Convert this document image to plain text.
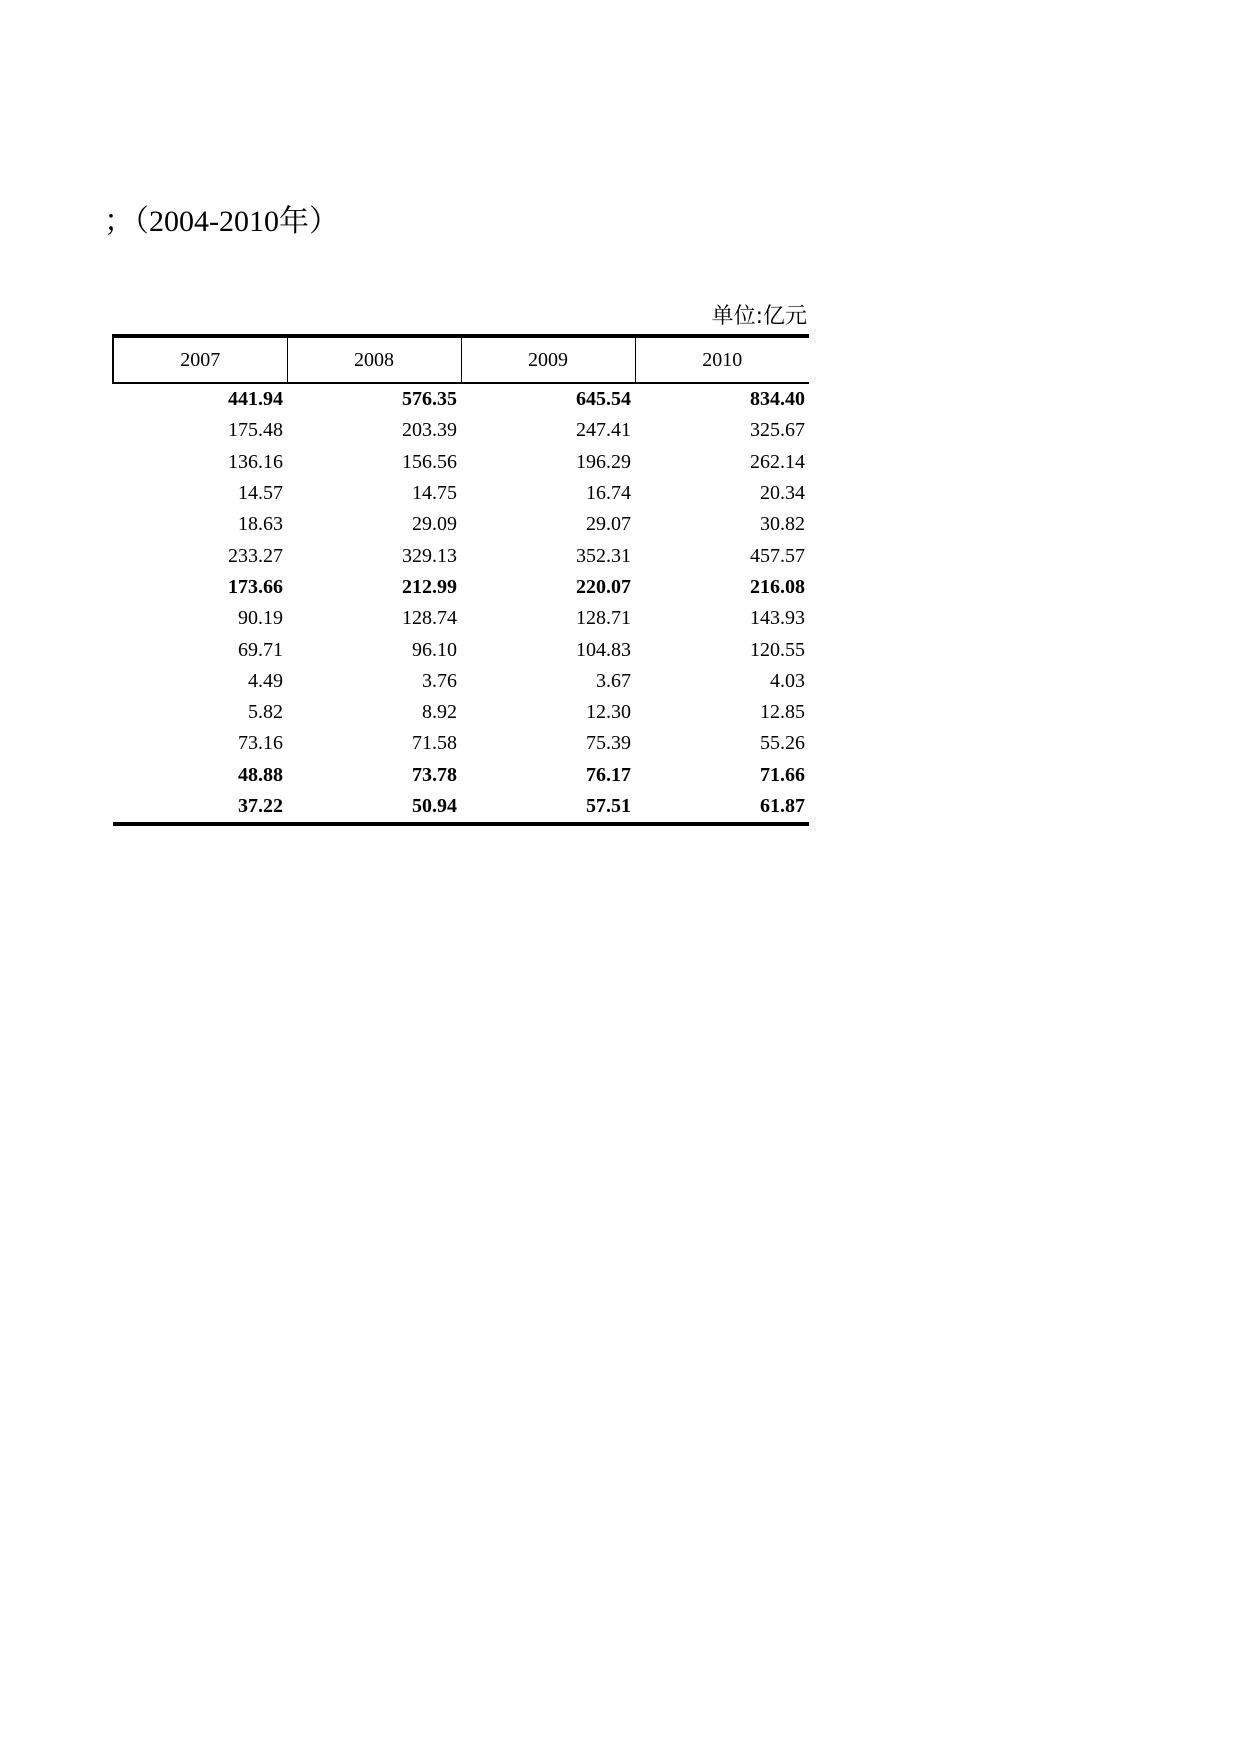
；（2004-2010年）
单位:亿元
2007	2008	2009	2010
441.94	576.35	645.54	834.40
175.48	203.39	247.41	325.67
136.16	156.56	196.29	262.14
14.57	14.75	16.74	20.34
18.63	29.09	29.07	30.82
233.27	329.13	352.31	457.57
173.66	212.99	220.07	216.08
90.19	128.74	128.71	143.93
69.71	96.10	104.83	120.55
4.49	3.76	3.67	4.03
5.82	8.92	12.30	12.85
73.16	71.58	75.39	55.26
48.88	73.78	76.17	71.66
37.22	50.94	57.51	61.87
